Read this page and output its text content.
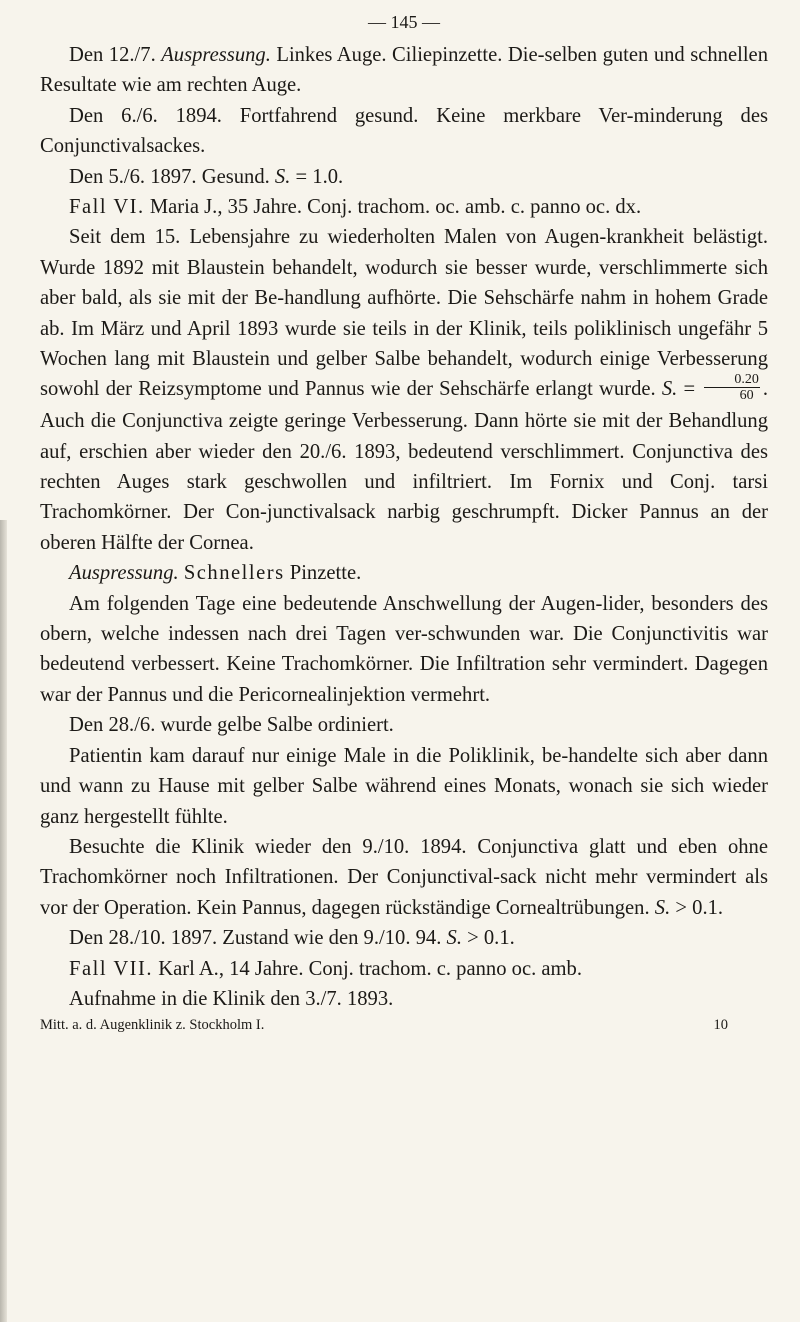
— 145 —

Den 12./7. Auspressung. Linkes Auge. Ciliepinzette. Die-selben guten und schnellen Resultate wie am rechten Auge.

Den 6./6. 1894. Fortfahrend gesund. Keine merkbare Ver-minderung des Conjunctivalsackes.

Den 5./6. 1897. Gesund. S. = 1.0.

Fall VI. Maria J., 35 Jahre. Conj. trachom. oc. amb. c. panno oc. dx.

Seit dem 15. Lebensjahre zu wiederholten Malen von Augen-krankheit belästigt. Wurde 1892 mit Blaustein behandelt, wodurch sie besser wurde, verschlimmerte sich aber bald, als sie mit der Be-handlung aufhörte. Die Sehschärfe nahm in hohem Grade ab. Im März und April 1893 wurde sie teils in der Klinik, teils poliklinisch ungefähr 5 Wochen lang mit Blaustein und gelber Salbe behandelt, wodurch einige Verbesserung sowohl der Reizsymptome und Pannus wie der Sehschärfe erlangt wurde. S. = $\frac{0.20}{60}$ . Auch die Conjunctiva zeigte geringe Verbesserung. Dann hörte sie mit der Behandlung auf, erschien aber wieder den 20./6. 1893, bedeutend verschlimmert. Conjunctiva des rechten Auges stark geschwollen und infiltriert. Im Fornix und Conj. tarsi Trachomkörner. Der Con-junctivalsack narbig geschrumpft. Dicker Pannus an der oberen Hälfte der Cornea.

Auspressung. Schnellers Pinzette.

Am folgenden Tage eine bedeutende Anschwellung der Augen-lider, besonders des obern, welche indessen nach drei Tagen ver-schwunden war. Die Conjunctivitis war bedeutend verbessert. Keine Trachomkörner. Die Infiltration sehr vermindert. Dagegen war der Pannus und die Pericornealinjektion vermehrt.

Den 28./6. wurde gelbe Salbe ordiniert.

Patientin kam darauf nur einige Male in die Poliklinik, be-handelte sich aber dann und wann zu Hause mit gelber Salbe während eines Monats, wonach sie sich wieder ganz hergestellt fühlte.

Besuchte die Klinik wieder den 9./10. 1894. Conjunctiva glatt und eben ohne Trachomkörner noch Infiltrationen. Der Conjunctival-sack nicht mehr vermindert als vor der Operation. Kein Pannus, dagegen rückständige Cornealtrübungen. S. > 0.1.

Den 28./10. 1897. Zustand wie den 9./10. 94. S. > 0.1.

Fall VII. Karl A., 14 Jahre. Conj. trachom. c. panno oc. amb.

Aufnahme in die Klinik den 3./7. 1893.

Mitt. a. d. Augenklinik z. Stockholm I.	10
